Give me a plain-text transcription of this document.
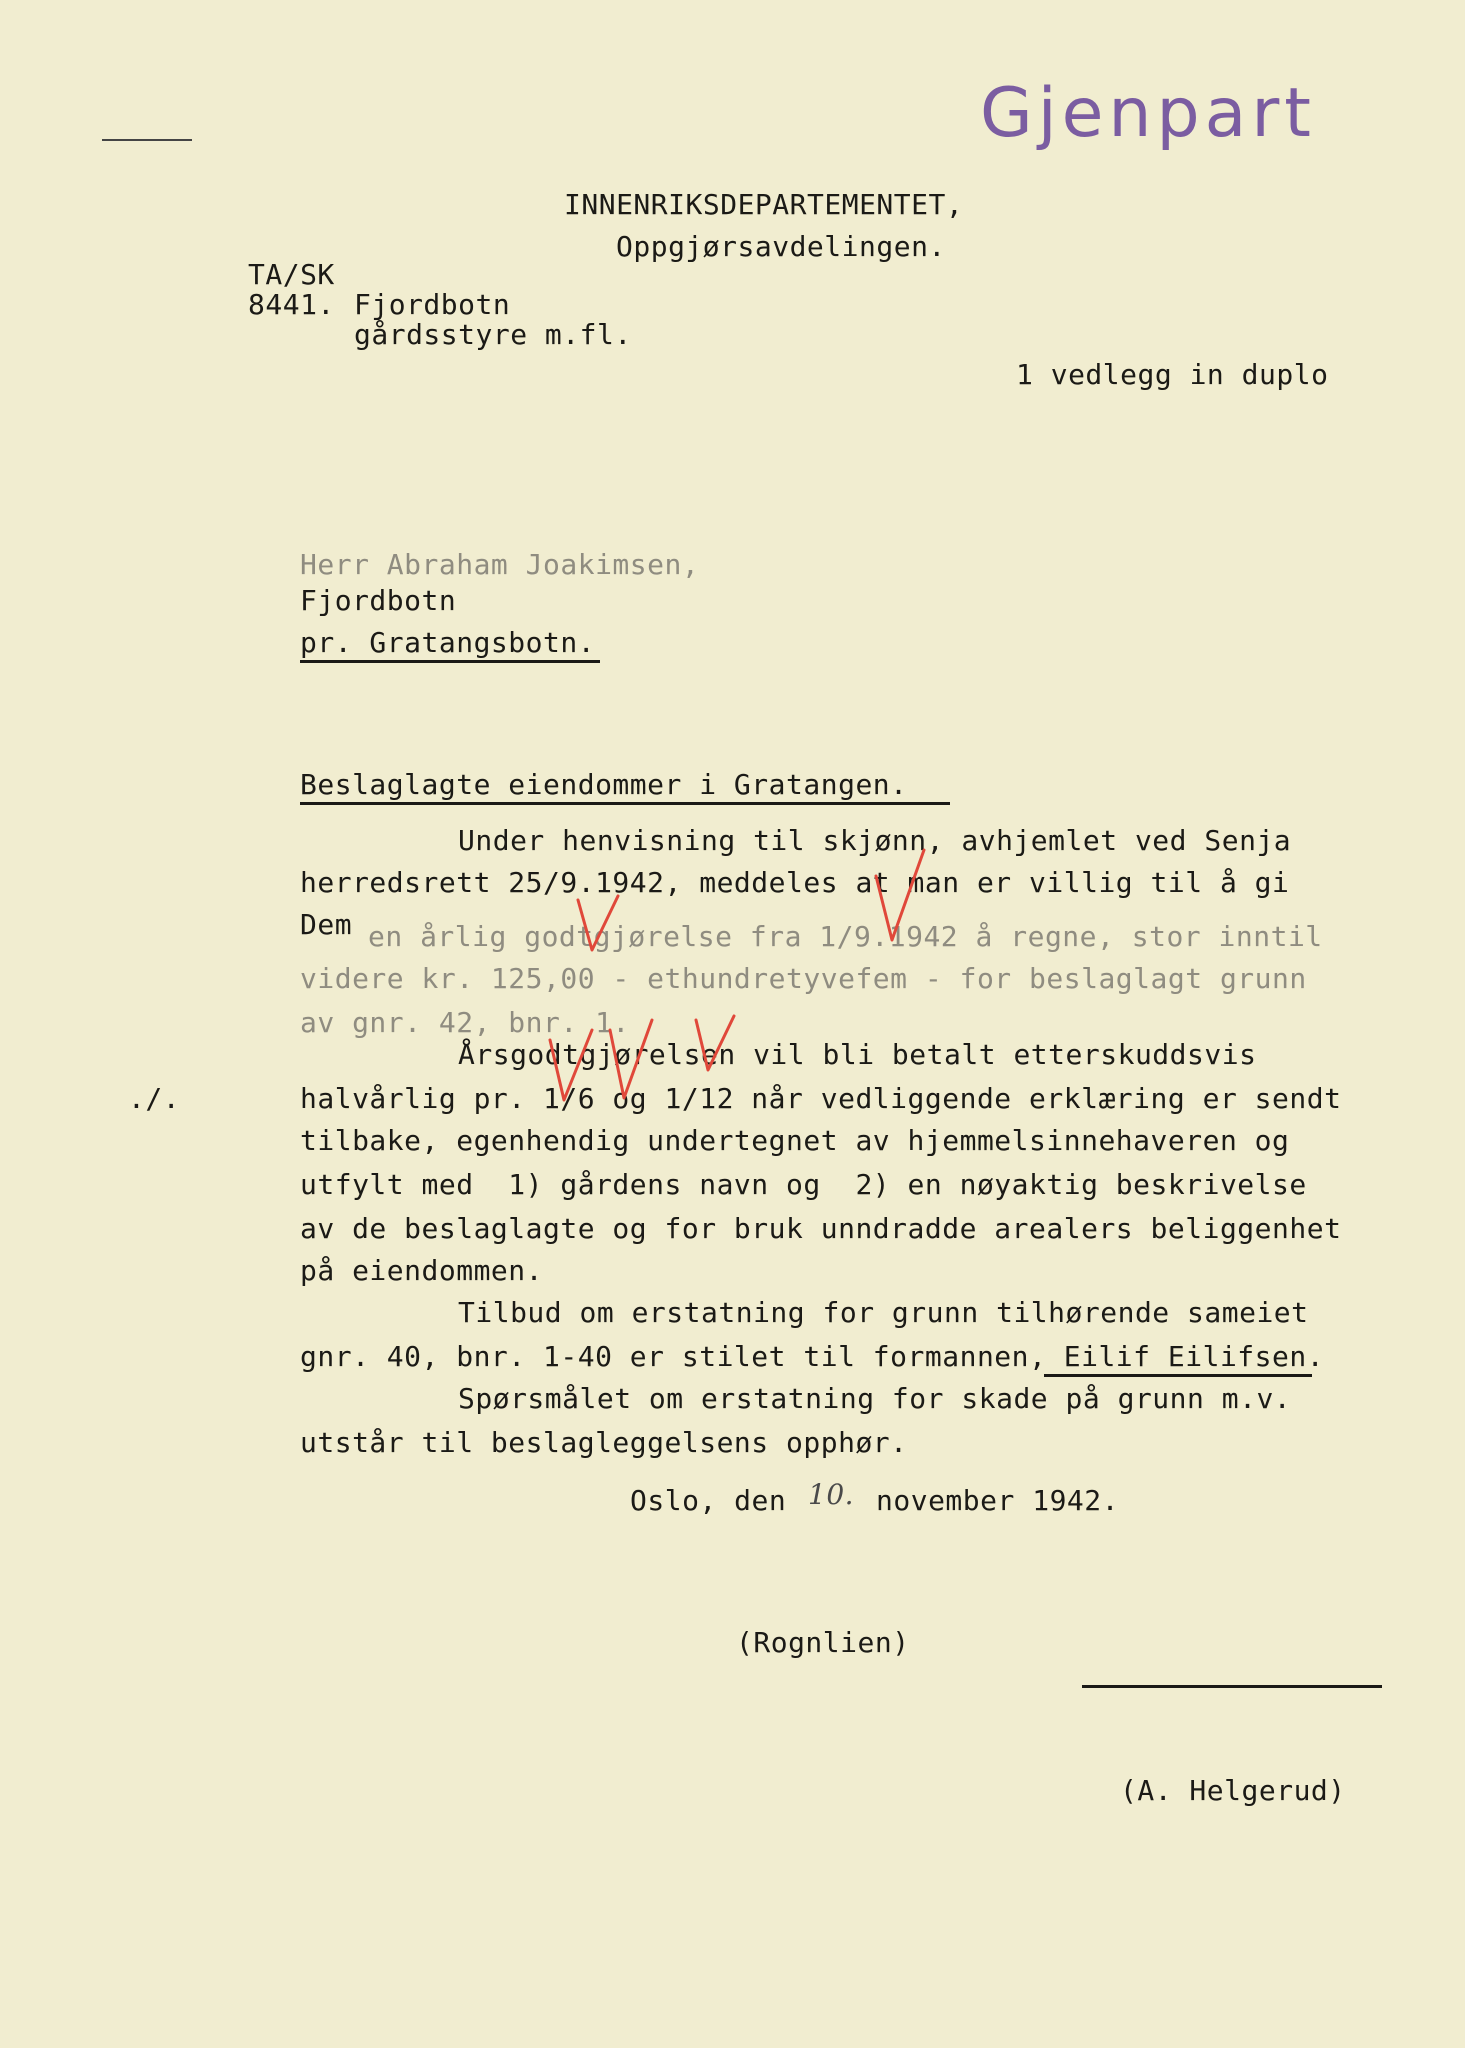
Gjenpart
INNENRIKSDEPARTEMENTET,
Oppgjørsavdelingen.
TA/SK
8441. Fjordbotn
gårdsstyre m.fl.
1 vedlegg in duplo
Herr Abraham Joakimsen,
Fjordbotn
pr. Gratangsbotn.
Beslaglagte eiendommer i Gratangen.
Under henvisning til skjønn, avhjemlet ved Senja
herredsrett 25/9.1942, meddeles at man er villig til å gi
Dem en årlig godtgjørelse fra 1/9.1942 å regne, stor inntil
videre kr. 125,00 - ethundretyvefem - for beslaglagt grunn
av gnr. 42, bnr. 1.
Årsgodtgjørelsen vil bli betalt etterskuddsvis
./.	halvårlig pr. 1/6 og 1/12 når vedliggende erklæring er sendt
tilbake, egenhendig undertegnet av hjemmelsinnehaveren og
utfylt med  1) gårdens navn og  2) en nøyaktig beskrivelse
av de beslaglagte og for bruk unndradde arealers beliggenhet
på eiendommen.
Tilbud om erstatning for grunn tilhørende sameiet
gnr. 40, bnr. 1-40 er stilet til formannen, Eilif Eilifsen.
Spørsmålet om erstatning for skade på grunn m.v.
utstår til beslagleggelsens opphør.
Oslo, den 10. november 1942.
(Rognlien)
(A. Helgerud)
